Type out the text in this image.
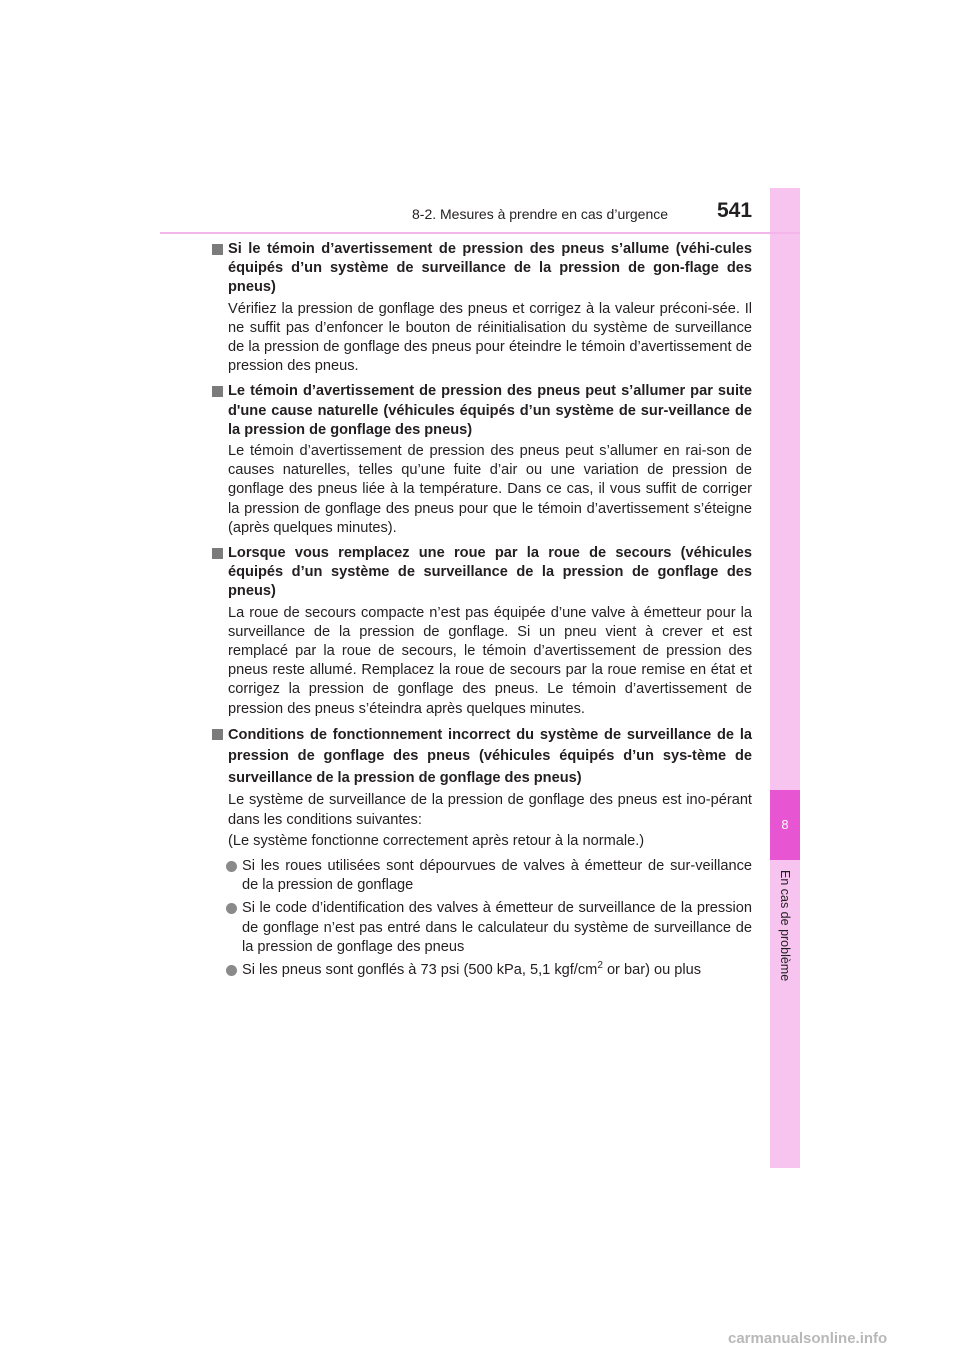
8
En cas de problème
8-2. Mesures à prendre en cas d’urgence 541
Si le témoin d’avertissement de pression des pneus s’allume (véhi-cules équipés d’un système de surveillance de la pression de gon-flage des pneus)
Vérifiez la pression de gonflage des pneus et corrigez à la valeur préconi-sée. Il ne suffit pas d’enfoncer le bouton de réinitialisation du système de surveillance de la pression de gonflage des pneus pour éteindre le témoin d’avertissement de pression des pneus.
Le témoin d’avertissement de pression des pneus peut s’allumer par suite d'une cause naturelle (véhicules équipés d’un système de sur-veillance de la pression de gonflage des pneus)
Le témoin d’avertissement de pression des pneus peut s’allumer en rai-son de causes naturelles, telles qu’une fuite d’air ou une variation de pression de gonflage des pneus liée à la température. Dans ce cas, il vous suffit de corriger la pression de gonflage des pneus pour que le témoin d’avertissement s’éteigne (après quelques minutes).
Lorsque vous remplacez une roue par la roue de secours (véhicules équipés d’un système de surveillance de la pression de gonflage des pneus)
La roue de secours compacte n’est pas équipée d’une valve à émetteur pour la surveillance de la pression de gonflage. Si un pneu vient à crever et est remplacé par la roue de secours, le témoin d’avertissement de pression des pneus reste allumé. Remplacez la roue de secours par la roue remise en état et corrigez la pression de gonflage des pneus. Le témoin d’avertissement de pression des pneus s’éteindra après quelques minutes.
Conditions de fonctionnement incorrect du système de surveillance de la pression de gonflage des pneus (véhicules équipés d’un sys-tème de surveillance de la pression de gonflage des pneus)
Le système de surveillance de la pression de gonflage des pneus est ino-pérant dans les conditions suivantes:
(Le système fonctionne correctement après retour à la normale.)
Si les roues utilisées sont dépourvues de valves à émetteur de sur-veillance de la pression de gonflage
Si le code d’identification des valves à émetteur de surveillance de la pression de gonflage n’est pas entré dans le calculateur du système de surveillance de la pression de gonflage des pneus
Si les pneus sont gonflés à 73 psi (500 kPa, 5,1 kgf/$cm^2$ or bar) ou plus
carmanualsonline.info
